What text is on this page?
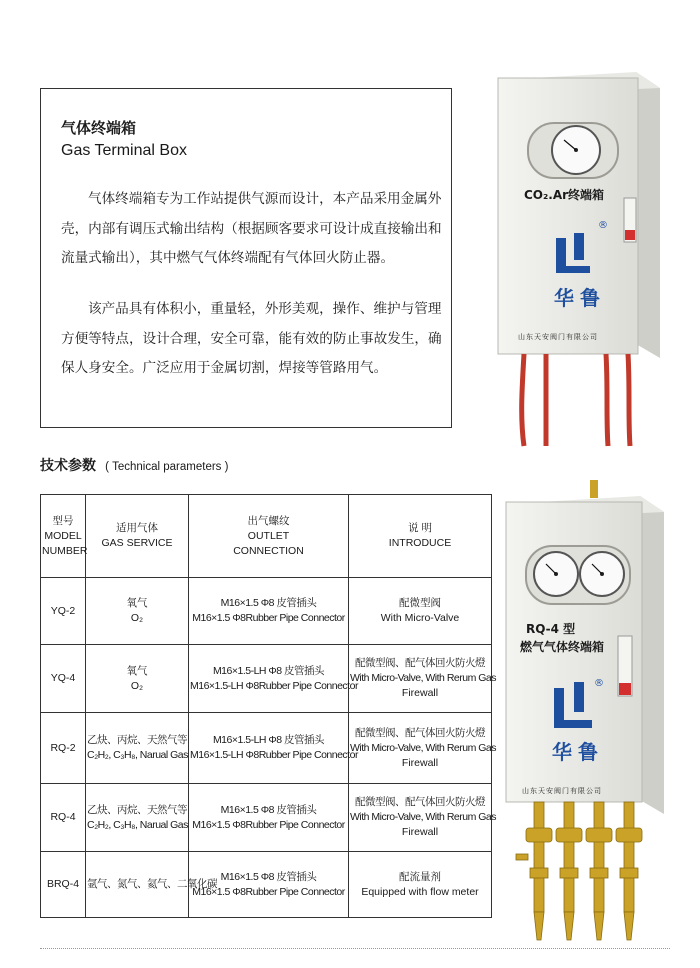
气体终端箱
Gas Terminal Box

气体终端箱专为工作站提供气源而设计，本产品采用金属外壳，内部有调压式输出结构（根据顾客要求可设计成直接输出和流量式输出），其中燃气气体终端配有气体回火防止器。

该产品具有体积小，重量轻，外形美观，操作、维护与管理方便等特点，设计合理，安全可靠，能有效的防止事故发生，确保人身安全。广泛应用于金属切割，焊接等管路用气。

技术参数 ( Technical parameters )
型号
MODEL
NUMBER	适用气体
GAS SERVICE	出气螺纹
OUTLET
CONNECTION	说 明
INTRODUCE

YQ-2	氧气
O₂	M16×1.5 Φ8 皮管插头
M16×1.5 Φ8Rubber Pipe Connector	配微型阀
With Micro-Valve

YQ-4	氧气
O₂	M16×1.5-LH Φ8 皮管插头
M16×1.5-LH Φ8Rubber Pipe Connector	配微型阀、配气体回火防火燈
With Micro-Valve, With Rerum Gas
Firewall

RQ-2	乙炔、丙烷、天然气等
C₂H₂, C₃H₈, Narual Gas	M16×1.5-LH Φ8 皮管插头
M16×1.5-LH Φ8Rubber Pipe Connector	配微型阀、配气体回火防火燈
With Micro-Valve, With Rerum Gas
Firewall

RQ-4	乙炔、丙烷、天然气等
C₂H₂, C₃H₈, Narual Gas	M16×1.5 Φ8 皮管插头
M16×1.5 Φ8Rubber Pipe Connector	配微型阀、配气体回火防火燈
With Micro-Valve, With Rerum Gas
Firewall

BRQ-4	氩气、氮气、氦气、二氧化碳	M16×1.5 Φ8 皮管插头
M16×1.5 Φ8Rubber Pipe Connector	配流量剂
Equipped with flow meter
CO₂.Ar终端箱
®
华鲁
山东天安阀门有限公司
RQ-4 型
燃气气体终端箱
®
华鲁
山东天安阀门有限公司
